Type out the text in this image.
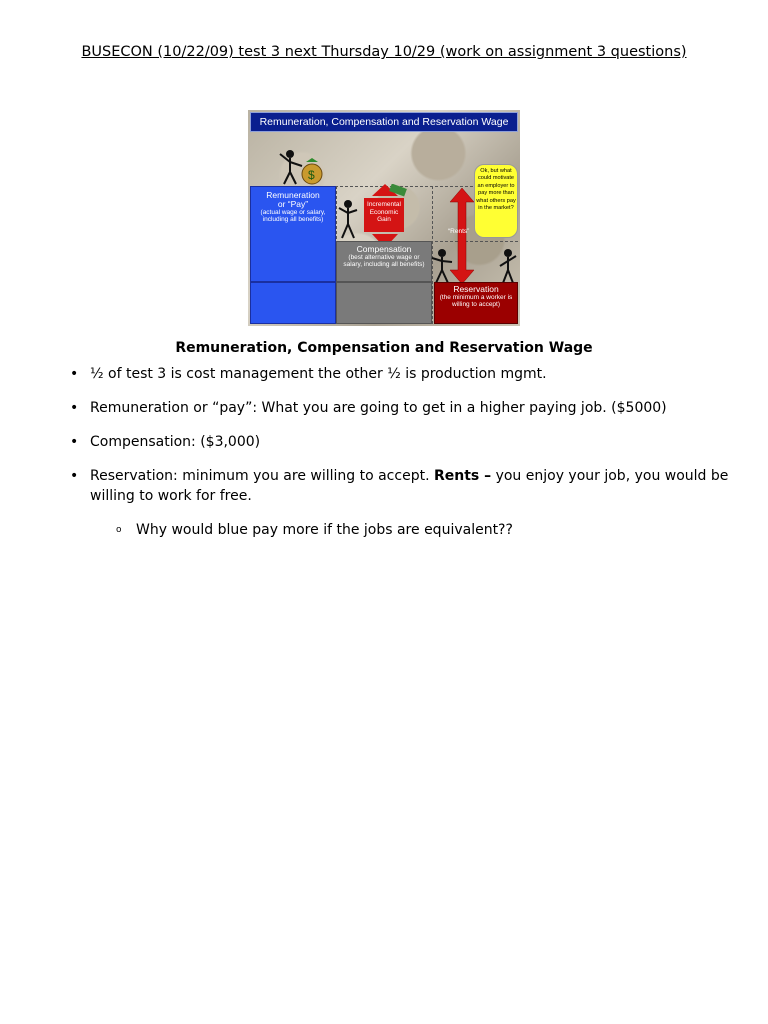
BUSECON (10/22/09) test 3 next Thursday 10/29 (work on assignment 3 questions)
Remuneration, Compensation and Reservation Wage
$
Remuneration
or “Pay”
(actual wage or salary, including all benefits)
Incremental Economic Gain
Compensation
(best alternative wage or salary, including all benefits)
“Rents”
Ok, but what could motivate an employer to pay more than what others pay in the market?
Reservation
(the minimum a worker is willing to accept)
Remuneration, Compensation and Reservation Wage
• ½ of test 3 is cost management the other ½ is production mgmt.
• Remuneration or “pay”: What you are going to get in a higher paying job. ($5000)
• Compensation: ($3,000)
• Reservation: minimum you are willing to accept. Rents – you enjoy your job, you would be willing to work for free.
o Why would blue pay more if the jobs are equivalent??
